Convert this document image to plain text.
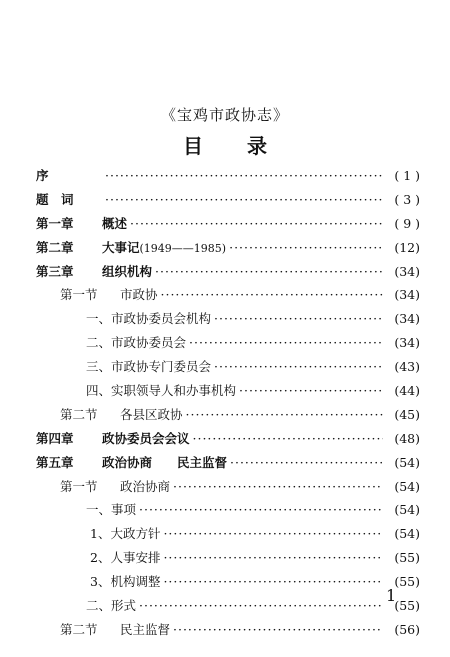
《宝鸡市政协志》
目录
序 ·····	( 1 )
题　词 ·····	( 3 )
第一章	概述 ·····	( 9 )
第二章	大事记 (1949——1985) ·····	(12)
第三章	组织机构 ·····	(34)
第一节	市政协 ·····	(34)
一、市政协委员会机构 ·····	(34)
二、市政协委员会 ·····	(34)
三、市政协专门委员会 ·····	(43)
四、实职领导人和办事机构 ·····	(44)
第二节	各县区政协 ·····	(45)
第四章	政协委员会会议 ·····	(48)
第五章	政治协商　　民主监督 ·····	(54)
第一节	政治协商 ·····	(54)
一、事项 ·····	(54)
1、大政方针 ·····	(54)
2、人事安排 ·····	(55)
3、机构调整 ·····	(55)
二、形式 ·····	(55)
第二节	民主监督 ·····	(56)
1
